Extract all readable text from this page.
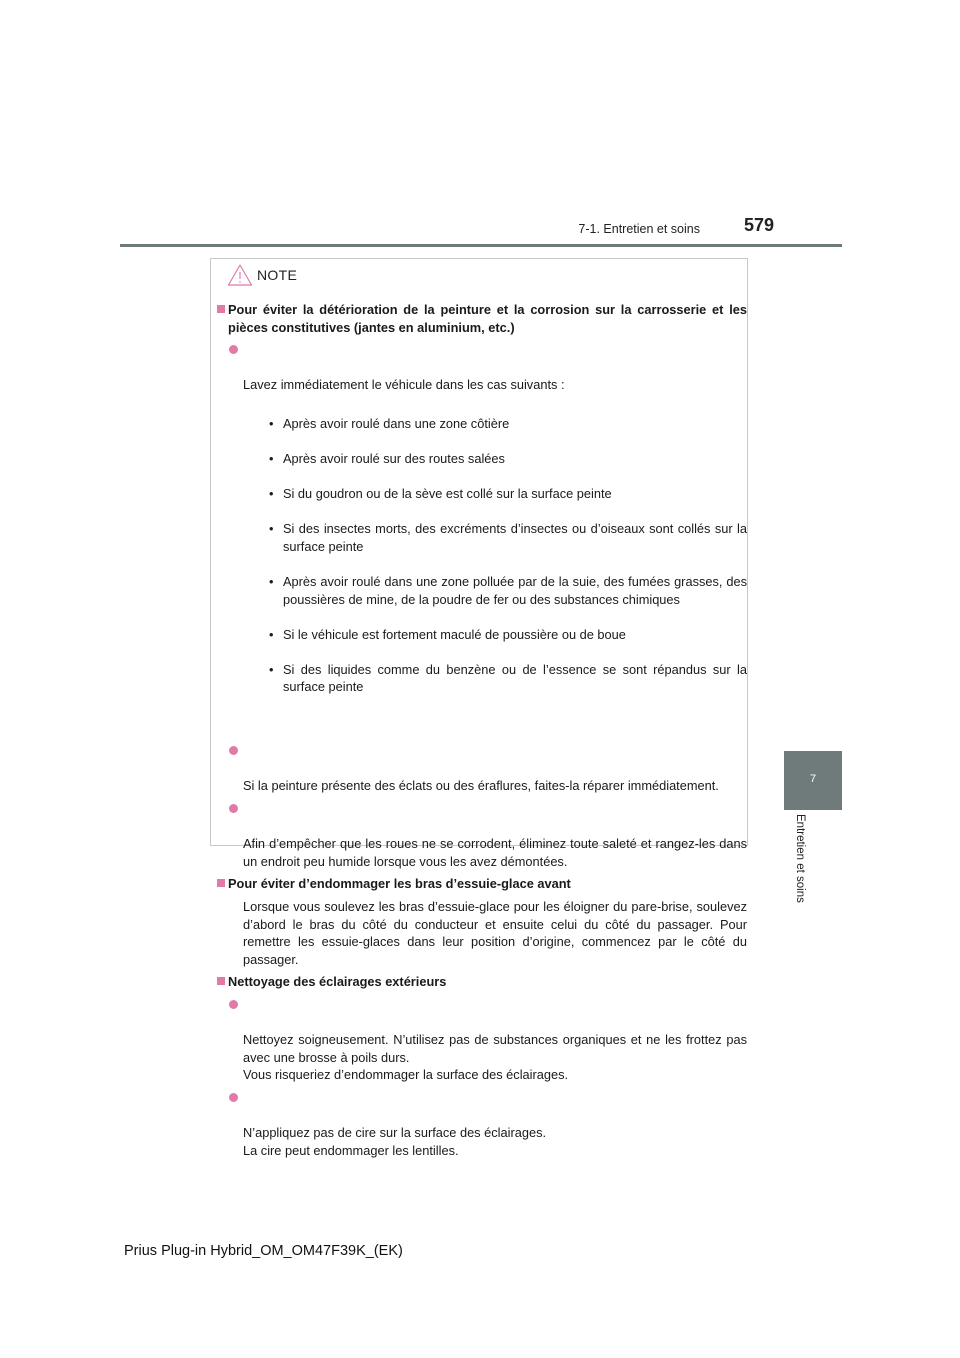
7-1. Entretien et soins	579
7
Entretien et soins
NOTE
Pour éviter la détérioration de la peinture et la corrosion sur la carrosserie et les pièces constitutives (jantes en aluminium, etc.)

Lavez immédiatement le véhicule dans les cas suivants :

• Après avoir roulé dans une zone côtière

• Après avoir roulé sur des routes salées

• Si du goudron ou de la sève est collé sur la surface peinte

• Si des insectes morts, des excréments d’insectes ou d’oiseaux sont collés sur la surface peinte

• Après avoir roulé dans une zone polluée par de la suie, des fumées grasses, des poussières de mine, de la poudre de fer ou des substances chimiques

• Si le véhicule est fortement maculé de poussière ou de boue

• Si des liquides comme du benzène ou de l’essence se sont répandus sur la surface peinte

Si la peinture présente des éclats ou des éraflures, faites-la réparer immédiatement.

Afin d’empêcher que les roues ne se corrodent, éliminez toute saleté et rangez-les dans un endroit peu humide lorsque vous les avez démontées.

Pour éviter d’endommager les bras d’essuie-glace avant
Lorsque vous soulevez les bras d’essuie-glace pour les éloigner du pare-brise, soulevez d’abord le bras du côté du conducteur et ensuite celui du côté du passager. Pour remettre les essuie-glaces dans leur position d’origine, commencez par le côté du passager.
Nettoyage des éclairages extérieurs

Nettoyez soigneusement. N’utilisez pas de substances organiques et ne les frottez pas avec une brosse à poils durs.
Vous risqueriez d’endommager la surface des éclairages.

N’appliquez pas de cire sur la surface des éclairages.
La cire peut endommager les lentilles.

Prius Plug-in Hybrid_OM_OM47F39K_(EK)
